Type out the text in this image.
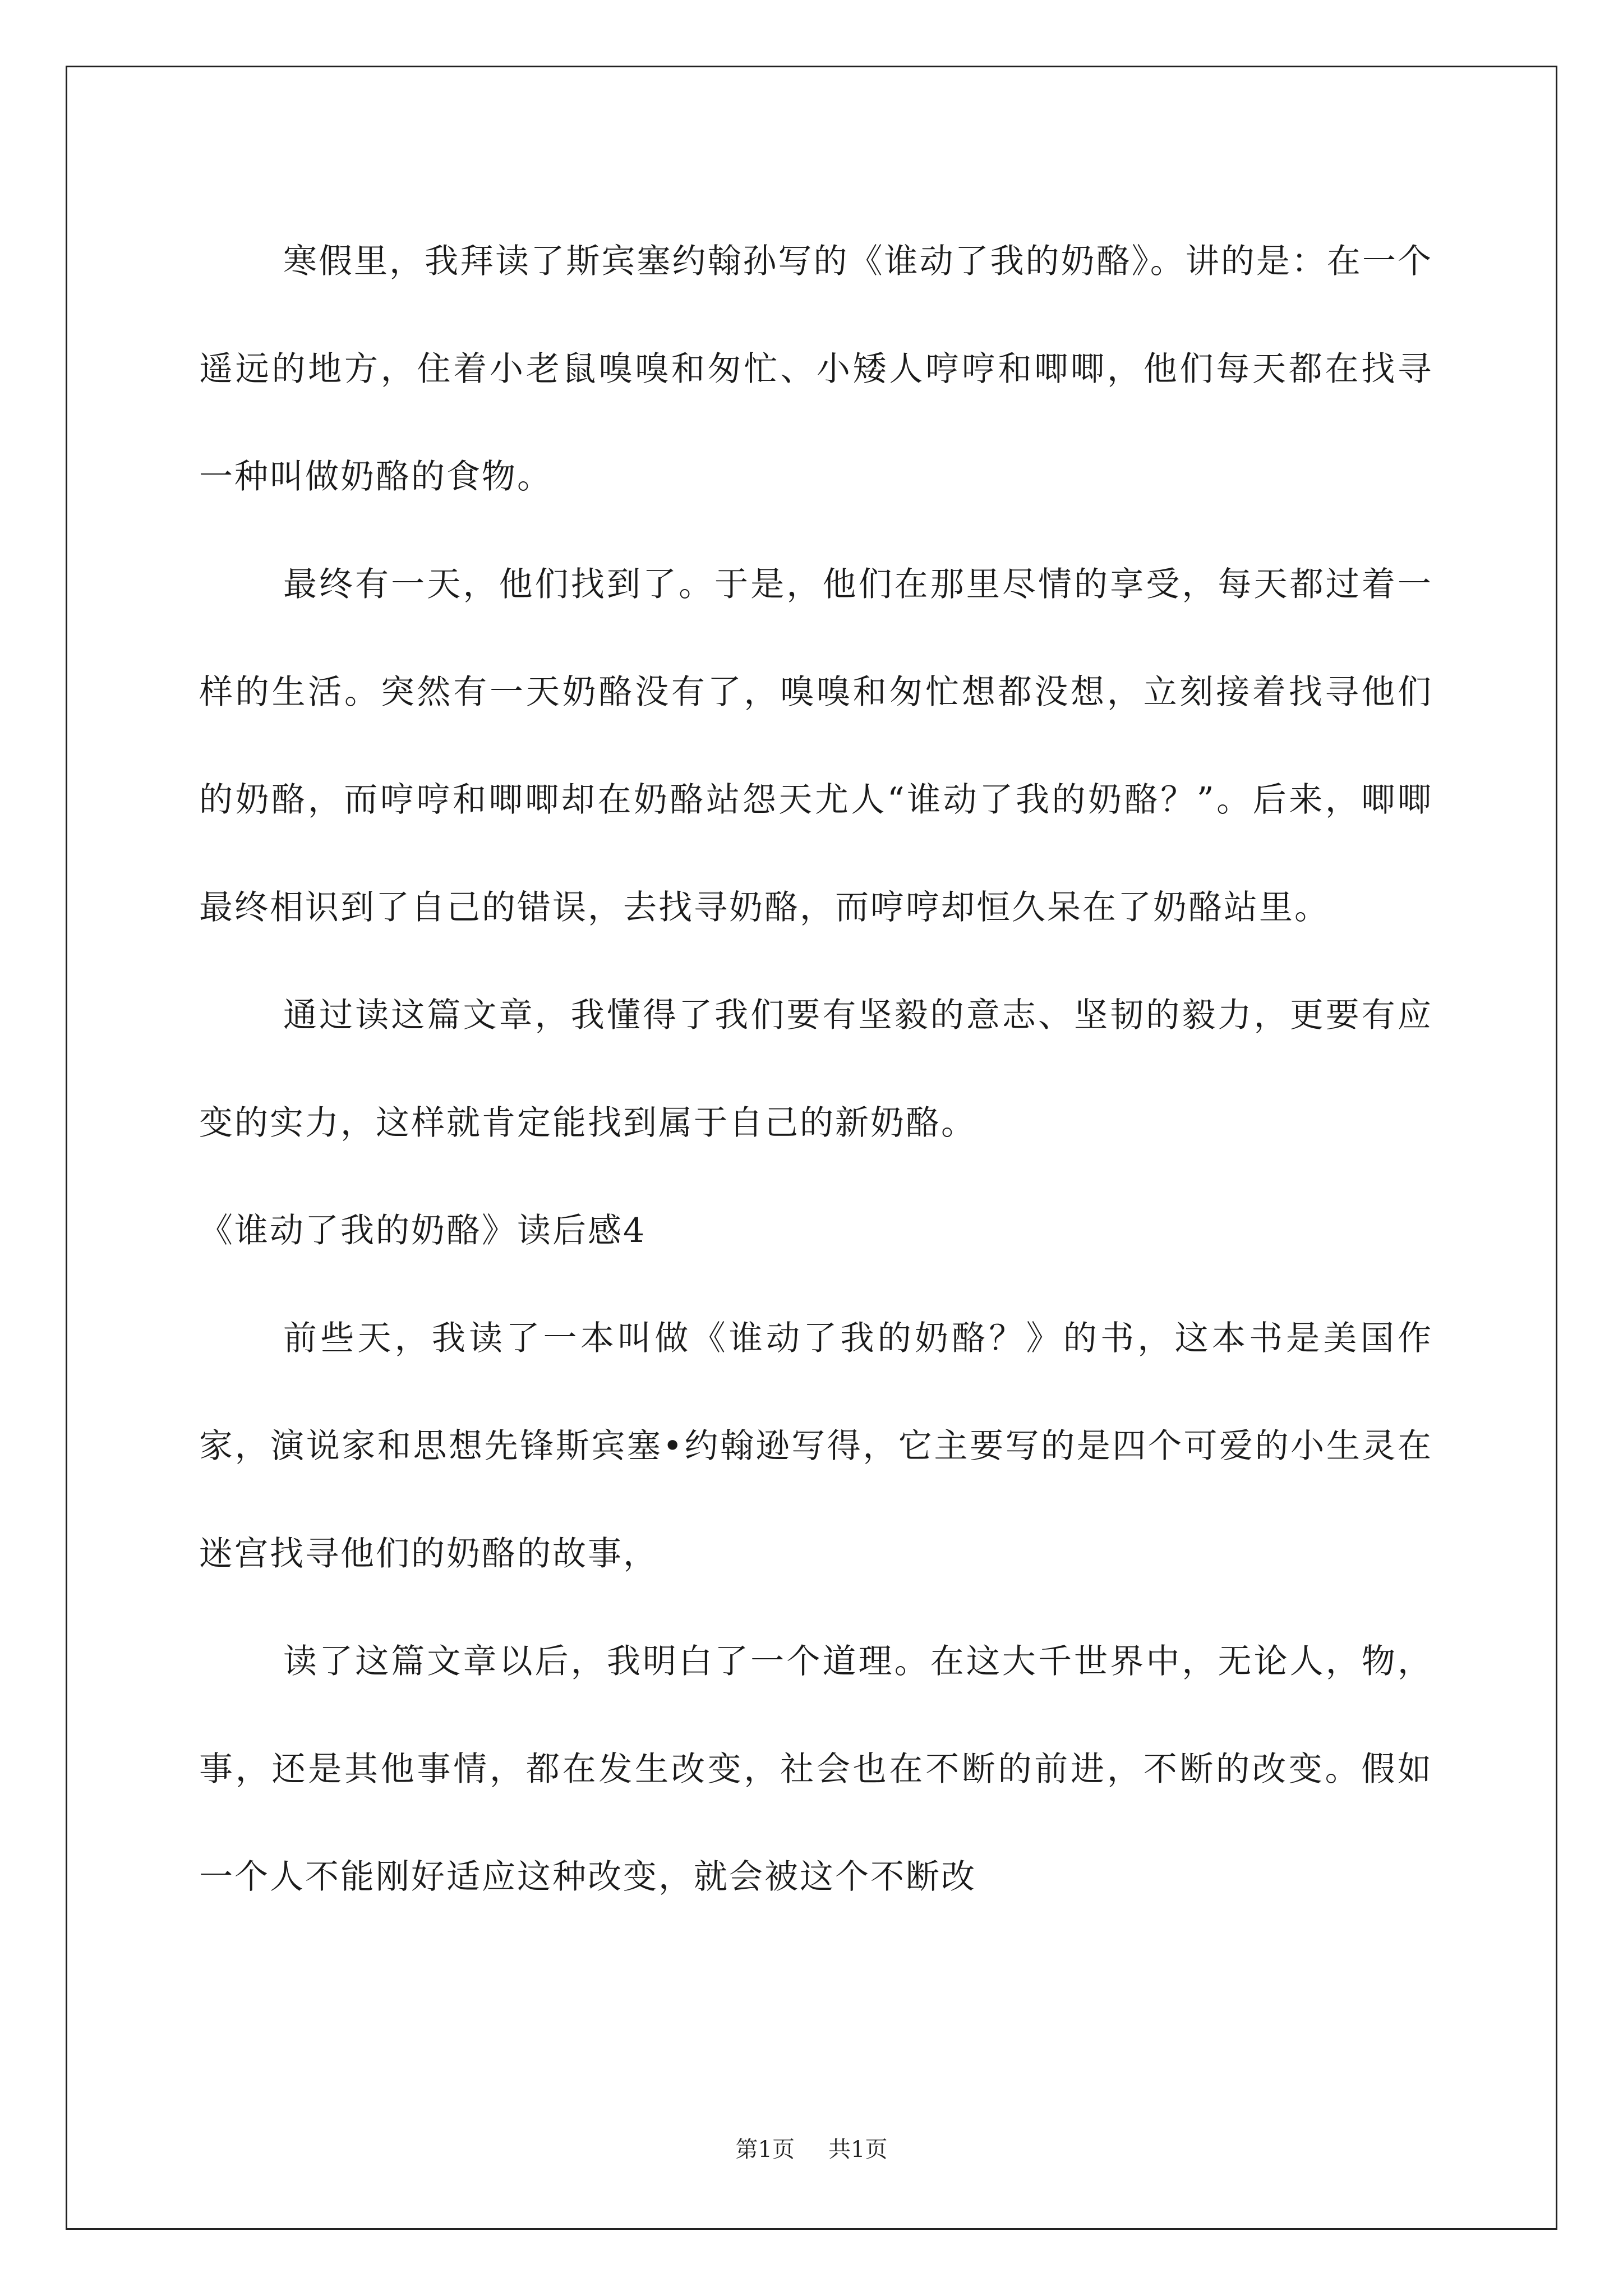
寒假里，我拜读了斯宾塞约翰孙写的《谁动了我的奶酪》。讲的是：在一个遥远的地方，住着小老鼠嗅嗅和匆忙、小矮人哼哼和唧唧，他们每天都在找寻一种叫做奶酪的食物。

最终有一天，他们找到了。于是，他们在那里尽情的享受，每天都过着一样的生活。突然有一天奶酪没有了，嗅嗅和匆忙想都没想，立刻接着找寻他们的奶酪，而哼哼和唧唧却在奶酪站怨天尤人“谁动了我的奶酪？”。后来，唧唧最终相识到了自己的错误，去找寻奶酪，而哼哼却恒久呆在了奶酪站里。

通过读这篇文章，我懂得了我们要有坚毅的意志、坚韧的毅力，更要有应变的实力，这样就肯定能找到属于自己的新奶酪。

《谁动了我的奶酪》读后感4

前些天，我读了一本叫做《谁动了我的奶酪？》的书，这本书是美国作家，演说家和思想先锋斯宾塞•约翰逊写得，它主要写的是四个可爱的小生灵在迷宫找寻他们的奶酪的故事，

读了这篇文章以后，我明白了一个道理。在这大千世界中，无论人，物，事，还是其他事情，都在发生改变，社会也在不断的前进，不断的改变。假如一个人不能刚好适应这种改变，就会被这个不断改

第1页 共1页
